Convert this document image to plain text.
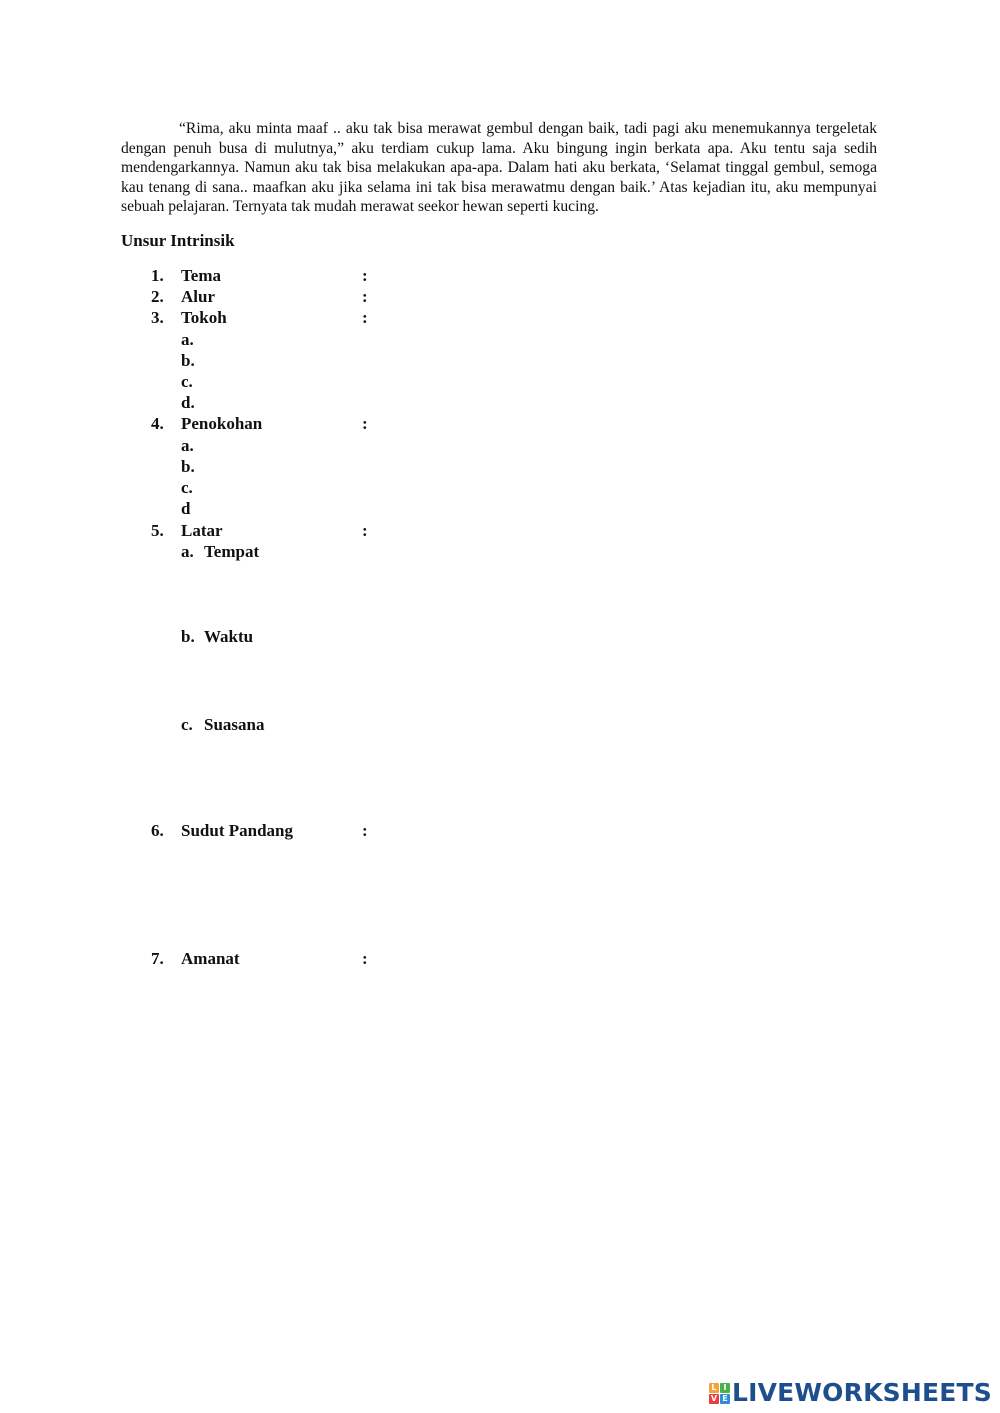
“Rima, aku minta maaf .. aku tak bisa merawat gembul dengan baik, tadi pagi aku menemukannya tergeletak dengan penuh busa di mulutnya,” aku terdiam cukup lama. Aku bingung ingin berkata apa. Aku tentu saja sedih mendengarkannya. Namun aku tak bisa melakukan apa-apa. Dalam hati aku berkata, ‘Selamat tinggal gembul, semoga kau tenang di sana.. maafkan aku jika selama ini tak bisa merawatmu dengan baik.’ Atas kejadian itu, aku mempunyai sebuah pelajaran. Ternyata tak mudah merawat seekor hewan seperti kucing.
Unsur Intrinsik
1. Tema	:
2. Alur	:
3. Tokoh	:
a.
b.
c.
d.
4. Penokohan	:
a.
b.
c.
d
5. Latar	:
a. Tempat
b. Waktu
c. Suasana
6. Sudut Pandang	:
7. Amanat	:
L I
V E LIVEWORKSHEETS
